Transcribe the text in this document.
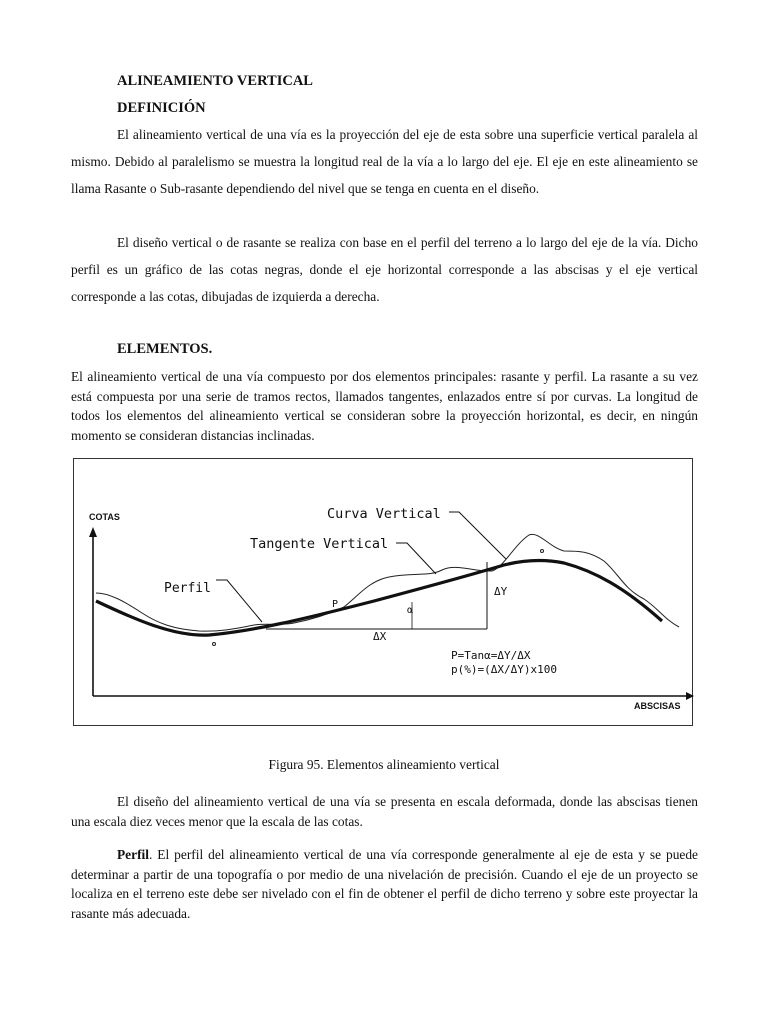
ALINEAMIENTO VERTICAL
DEFINICIÓN

El alineamiento vertical de una vía es la proyección del eje de esta sobre una superficie vertical paralela al mismo. Debido al paralelismo se muestra la longitud real de la vía a lo largo del eje. El eje en este alineamiento se llama Rasante o Sub-rasante dependiendo del nivel que se tenga en cuenta en el diseño.

El diseño vertical o de rasante se realiza con base en el perfil del terreno a lo largo del eje de la vía. Dicho perfil es un gráfico de las cotas negras, donde el eje horizontal corresponde a las abscisas y el eje vertical corresponde a las cotas, dibujadas de izquierda a derecha.

ELEMENTOS.

El alineamiento vertical de una vía compuesto por dos elementos principales: rasante y perfil. La rasante a su vez está compuesta por una serie de tramos rectos, llamados tangentes, enlazados entre sí por curvas. La longitud de todos los elementos del alineamiento vertical se consideran sobre la proyección horizontal, es decir, en ningún momento se consideran distancias inclinadas.

COTAS
ABSCISAS
Curva Vertical
Tangente Vertical
Perfil
P
α
ΔX
ΔY
P=Tanα=ΔY/ΔX
p(%)=(ΔX/ΔY)x100
Figura 95. Elementos alineamiento vertical

El diseño del alineamiento vertical de una vía se presenta en escala deformada, donde las abscisas tienen una escala diez veces menor que la escala de las cotas.

Perfil. El perfil del alineamiento vertical de una vía corresponde generalmente al eje de esta y se puede determinar a partir de una topografía o por medio de una nivelación de precisión. Cuando el eje de un proyecto se localiza en el terreno este debe ser nivelado con el fin de obtener el perfil de dicho terreno y sobre este proyectar la rasante más adecuada.
